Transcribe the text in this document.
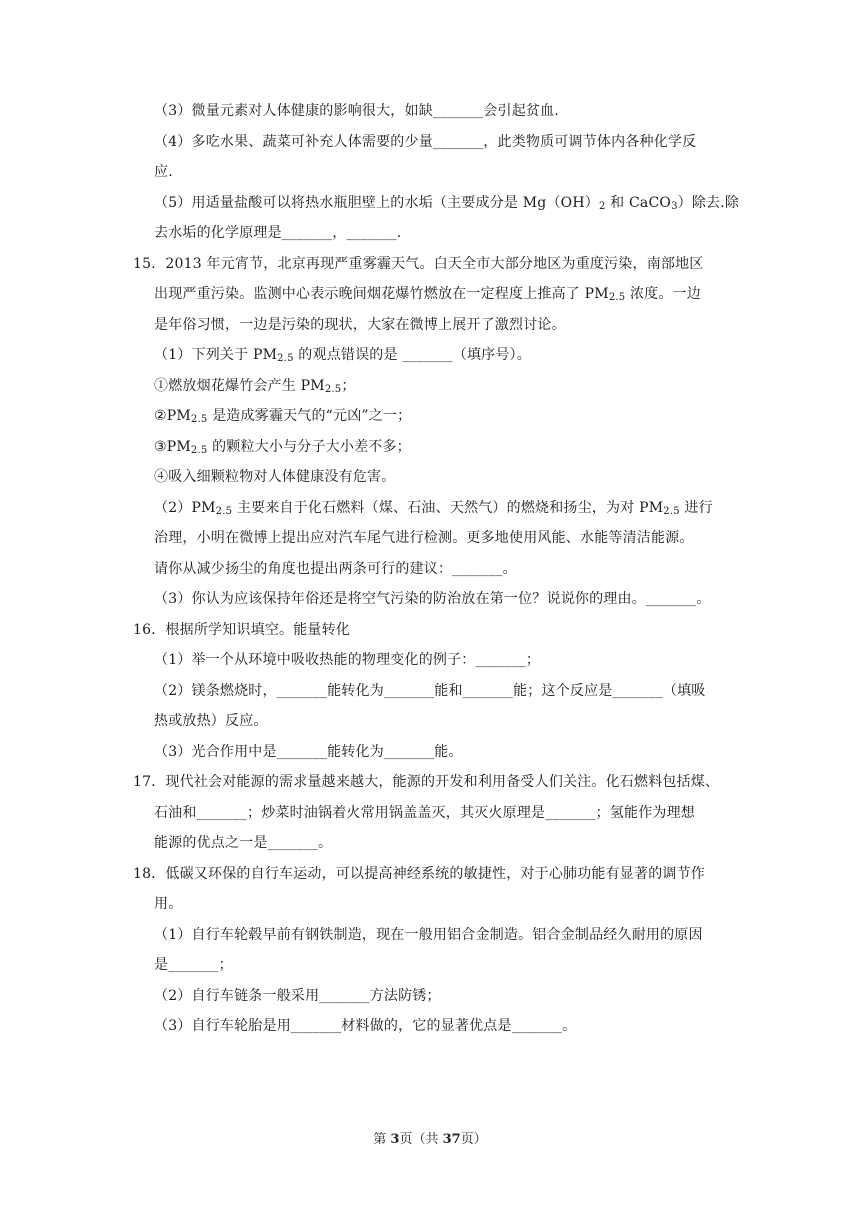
（3）微量元素对人体健康的影响很大，如缺_______会引起贫血.
（4）多吃水果、蔬菜可补充人体需要的少量_______，此类物质可调节体内各种化学反
应.
（5）用适量盐酸可以将热水瓶胆壁上的水垢（主要成分是 $Mg(OH)_2$ 和 CaCO$_3$）除去.除
去水垢的化学原理是_______，_______.
15．2013 年元宵节，北京再现严重雾霾天气。白天全市大部分地区为重度污染，南部地区
出现严重污染。监测中心表示晚间烟花爆竹燃放在一定程度上推高了 $PM_{2.5}$ 浓度。一边
是年俗习惯，一边是污染的现状，大家在微博上展开了激烈讨论。
（1）下列关于 $PM_{2.5}$ 的观点错误的是 _______（填序号）。
①燃放烟花爆竹会产生 $PM_{2.5}$；
$②PM_{2.5}$ 是造成雾霾天气的“元凶”之一；
$③PM_{2.5}$ 的颗粒大小与分子大小差不多；
④吸入细颗粒物对人体健康没有危害。
$(2)PM_{2.5}$ 主要来自于化石燃料（煤、石油、天然气）的燃烧和扬尘，为对 $PM_{2.5}$ 进行
治理，小明在微博上提出应对汽车尾气进行检测。更多地使用风能、水能等清洁能源。
请你从减少扬尘的角度也提出两条可行的建议：_______。
（3）你认为应该保持年俗还是将空气污染的防治放在第一位？说说你的理由。_______。
16．根据所学知识填空。能量转化
（1）举一个从环境中吸收热能的物理变化的例子：_______；
（2）镁条燃烧时，_______能转化为_______能和_______能；这个反应是_______（填吸
热或放热）反应。
（3）光合作用中是_______能转化为_______能。
17．现代社会对能源的需求量越来越大，能源的开发和利用备受人们关注。化石燃料包括煤、
石油和_______；炒菜时油锅着火常用锅盖盖灭，其灭火原理是_______；氢能作为理想
能源的优点之一是_______。
18．低碳又环保的自行车运动，可以提高神经系统的敏捷性，对于心肺功能有显著的调节作
用。
（1）自行车轮毂早前有钢铁制造，现在一般用铝合金制造。铝合金制品经久耐用的原因
是_______；
（2）自行车链条一般采用_______方法防锈；
（3）自行车轮胎是用_______材料做的，它的显著优点是_______。
第 3页（共 37页）
